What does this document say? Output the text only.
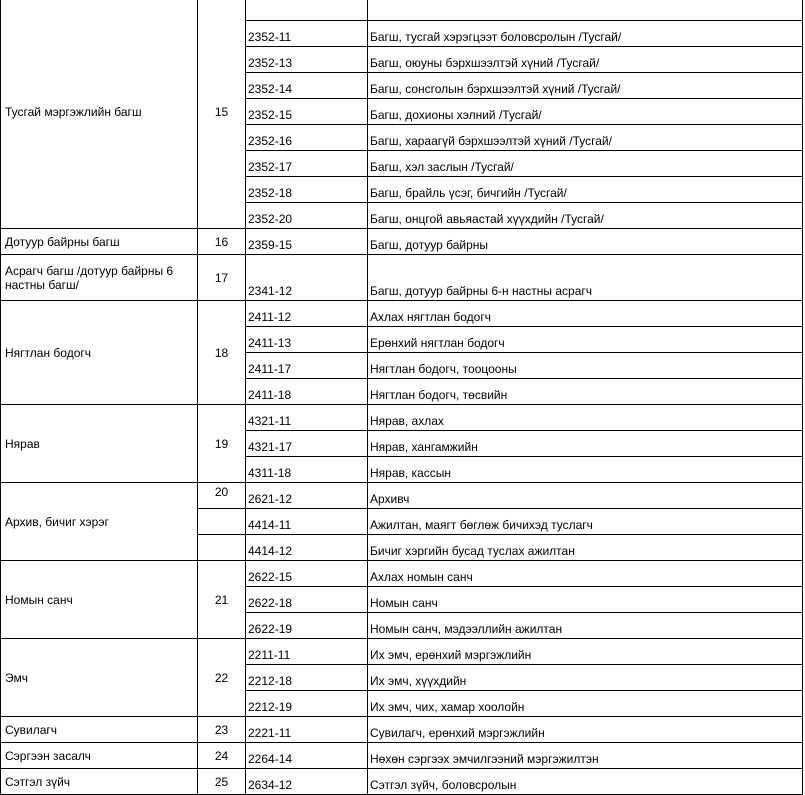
Тусгай мэргэжлийн багш	15		
		2352-11	Багш, тусгай хэрэгцээт боловсролын /Тусгай/
		2352-13	Багш, оюуны бэрхшээлтэй хүний /Тусгай/
		2352-14	Багш, сонсголын бэрхшээлтэй хүний /Тусгай/
		2352-15	Багш, дохионы хэлний /Тусгай/
		2352-16	Багш, хараагүй бэрхшээлтэй хүний /Тусгай/
		2352-17	Багш, хэл заслын /Тусгай/
		2352-18	Багш, брайль үсэг, бичгийн /Тусгай/
		2352-20	Багш, онцгой авьяастай хүүхдийн /Тусгай/
Дотуур байрны багш	16	2359-15	Багш, дотуур байрны
Асрагч багш /дотуур байрны 6 настны багш/	17	2341-12	Багш, дотуур байрны 6-н настны асрагч
Нягтлан бодогч	18	2411-12	Ахлах нягтлан бодогч
		2411-13	Ерөнхий нягтлан бодогч
		2411-17	Нягтлан бодогч, тооцооны
		2411-18	Нягтлан бодогч, төсвийн
Нярав	19	4321-11	Нярав, ахлах
		4321-17	Нярав, хангамжийн
		4311-18	Нярав, кассын
Архив, бичиг хэрэг	20	2621-12	Архивч
		4414-11	Ажилтан, маягт бөглөж бичихэд туслагч
		4414-12	Бичиг хэргийн бусад туслах ажилтан
Номын санч	21	2622-15	Ахлах номын санч
		2622-18	Номын санч
		2622-19	Номын санч, мэдээллийн ажилтан
Эмч	22	2211-11	Их эмч, ерөнхий мэргэжлийн
		2212-18	Их эмч, хүүхдийн
		2212-19	Их эмч, чих, хамар хоолойн
Сувилагч	23	2221-11	Сувилагч, ерөнхий мэргэжлийн
Сэргээн засалч	24	2264-14	Нөхөн сэргээх эмчилгээний мэргэжилтэн
Сэтгэл зүйч	25	2634-12	Сэтгэл зүйч, боловсролын
